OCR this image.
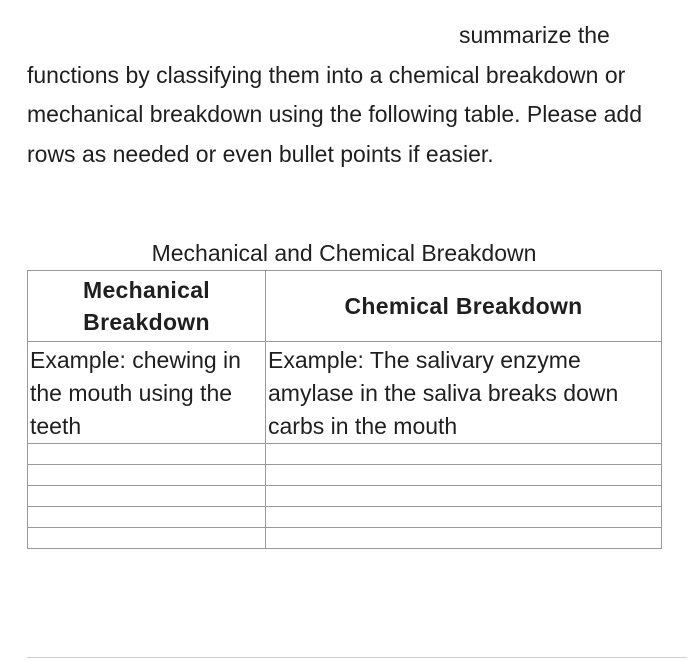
summarize the
functions by classifying them into a chemical breakdown or mechanical breakdown using the following table. Please add rows as needed or even bullet points if easier.
Mechanical and Chemical Breakdown
Mechanical Breakdown	Chemical Breakdown
Example: chewing in the mouth using the teeth	Example: The salivary enzyme amylase in the saliva breaks down carbs in the mouth
